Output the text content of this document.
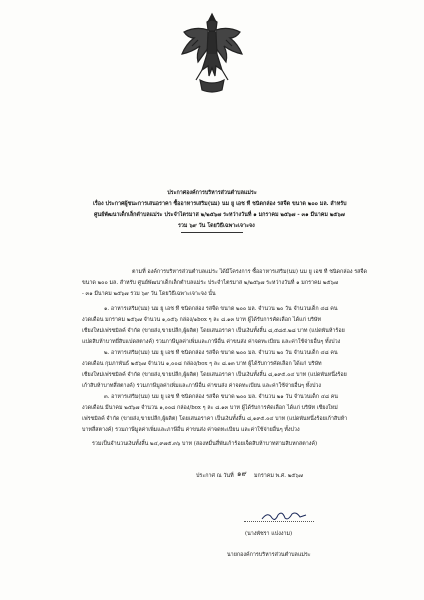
ประกาศองค์การบริหารส่วนตำบลแม่ระ
เรื่อง ประกาศผู้ชนะการเสนอราคา ซื้ออาหารเสริม(นม) นม ยู เอช ที ชนิดกล่อง รสจืด ขนาด ๒๐๐ มล. สำหรับ
ศูนย์พัฒนาเด็กเล็กตำบลแม่ระ ประจำไตรมาส ๒/๒๕๖๗ ระหว่างวันที่ ๑ มกราคม ๒๕๖๗ - ๓๑ มีนาคม ๒๕๖๗
รวม ๖๙ วัน โดยวิธีเฉพาะเจาะจง
ตามที่ องค์การบริหารส่วนตำบลแม่ระ ได้มีโครงการ ซื้ออาหารเสริม(นม) นม ยู เอช ที ชนิดกล่อง รสจืด
ขนาด ๒๐๐ มล. สำหรับ ศูนย์พัฒนาเด็กเล็กตำบลแม่ระ ประจำไตรมาส ๒/๒๕๖๗ ระหว่างวันที่ ๑ มกราคม ๒๕๖๗
- ๓๑ มีนาคม ๒๕๖๗ รวม ๖๙ วัน โดยวิธีเฉพาะเจาะจง นั้น
๑. อาหารเสริม(นม) นม ยู เอช ที ชนิดกล่อง รสจืด ขนาด ๒๐๐ มล. จำนวน ๒๐ วัน จำนวนเด็ก ๔๘ คน
งวดเดือน มกราคม ๒๕๖๗ จำนวน ๑,๐๕๖ กล่อง/๑box ๆ ละ ๘.๑๓ บาท ผู้ได้รับการคัดเลือก ได้แก่ บริษัท
เชียงใหม่เฟรชมิลค์ จำกัด (ขายส่ง,ขายปลีก,ผู้ผลิต) โดยเสนอราคา เป็นเงินทั้งสิ้น ๘,๕๘๕.๒๘ บาท (แปดพันห้าร้อย
แปดสิบห้าบาทยี่สิบแปดสตางค์) รวมภาษีมูลค่าเพิ่มและภาษีอื่น ค่าขนส่ง ค่าจดทะเบียน และค่าใช้จ่ายอื่นๆ ทั้งปวง
๒. อาหารเสริม(นม) นม ยู เอช ที ชนิดกล่อง รสจืด ขนาด ๒๐๐ มล. จำนวน ๒๐ วัน จำนวนเด็ก ๔๘ คน
งวดเดือน กุมภาพันธ์ ๒๕๖๗ จำนวน ๑,๐๐๘ กล่อง/box ๆ ละ ๘.๑๓ บาท ผู้ได้รับการคัดเลือก ได้แก่ บริษัท
เชียงใหม่เฟรชมิลค์ จำกัด (ขายส่ง,ขายปลีก,ผู้ผลิต) โดยเสนอราคา เป็นเงินทั้งสิ้น ๘,๑๙๕.๐๔ บาท (แปดพันหนึ่งร้อย
เก้าสิบห้าบาทสี่สตางค์) รวมภาษีมูลค่าเพิ่มและภาษีอื่น ค่าขนส่ง ค่าจดทะเบียน และค่าใช้จ่ายอื่นๆ ทั้งปวง
๓. อาหารเสริม(นม) นม ยู เอช ที ชนิดกล่อง รสจืด ขนาด ๒๐๐ มล. จำนวน ๒๑ วัน จำนวนเด็ก ๔๘ คน
งวดเดือน มีนาคม ๒๕๖๗ จำนวน ๑,๐๐๘ กล่อง/box ๆ ละ ๘.๑๓ บาท ผู้ได้รับการคัดเลือก ได้แก่ บริษัท เชียงใหม่
เฟรชมิลค์ จำกัด (ขายส่ง,ขายปลีก,ผู้ผลิต) โดยเสนอราคา เป็นเงินทั้งสิ้น ๘,๑๙๕.๐๔ บาท (แปดพันหนึ่งร้อยเก้าสิบห้า
บาทสี่สตางค์) รวมภาษีมูลค่าเพิ่มและภาษีอื่น ค่าขนส่ง ค่าจดทะเบียน และค่าใช้จ่ายอื่นๆ ทั้งปวง
รวมเป็นจำนวนเงินทั้งสิ้น ๒๔,๙๗๕.๓๖ บาท (สองหมื่นสี่พันเก้าร้อยเจ็ดสิบห้าบาทสามสิบหกสตางค์)
ประกาศ ณ วันที่ ๑๙ มกราคม พ.ศ. ๒๕๖๗
(นางพัชรา แปงงาม)
นายกองค์การบริหารส่วนตำบลแม่ระ
